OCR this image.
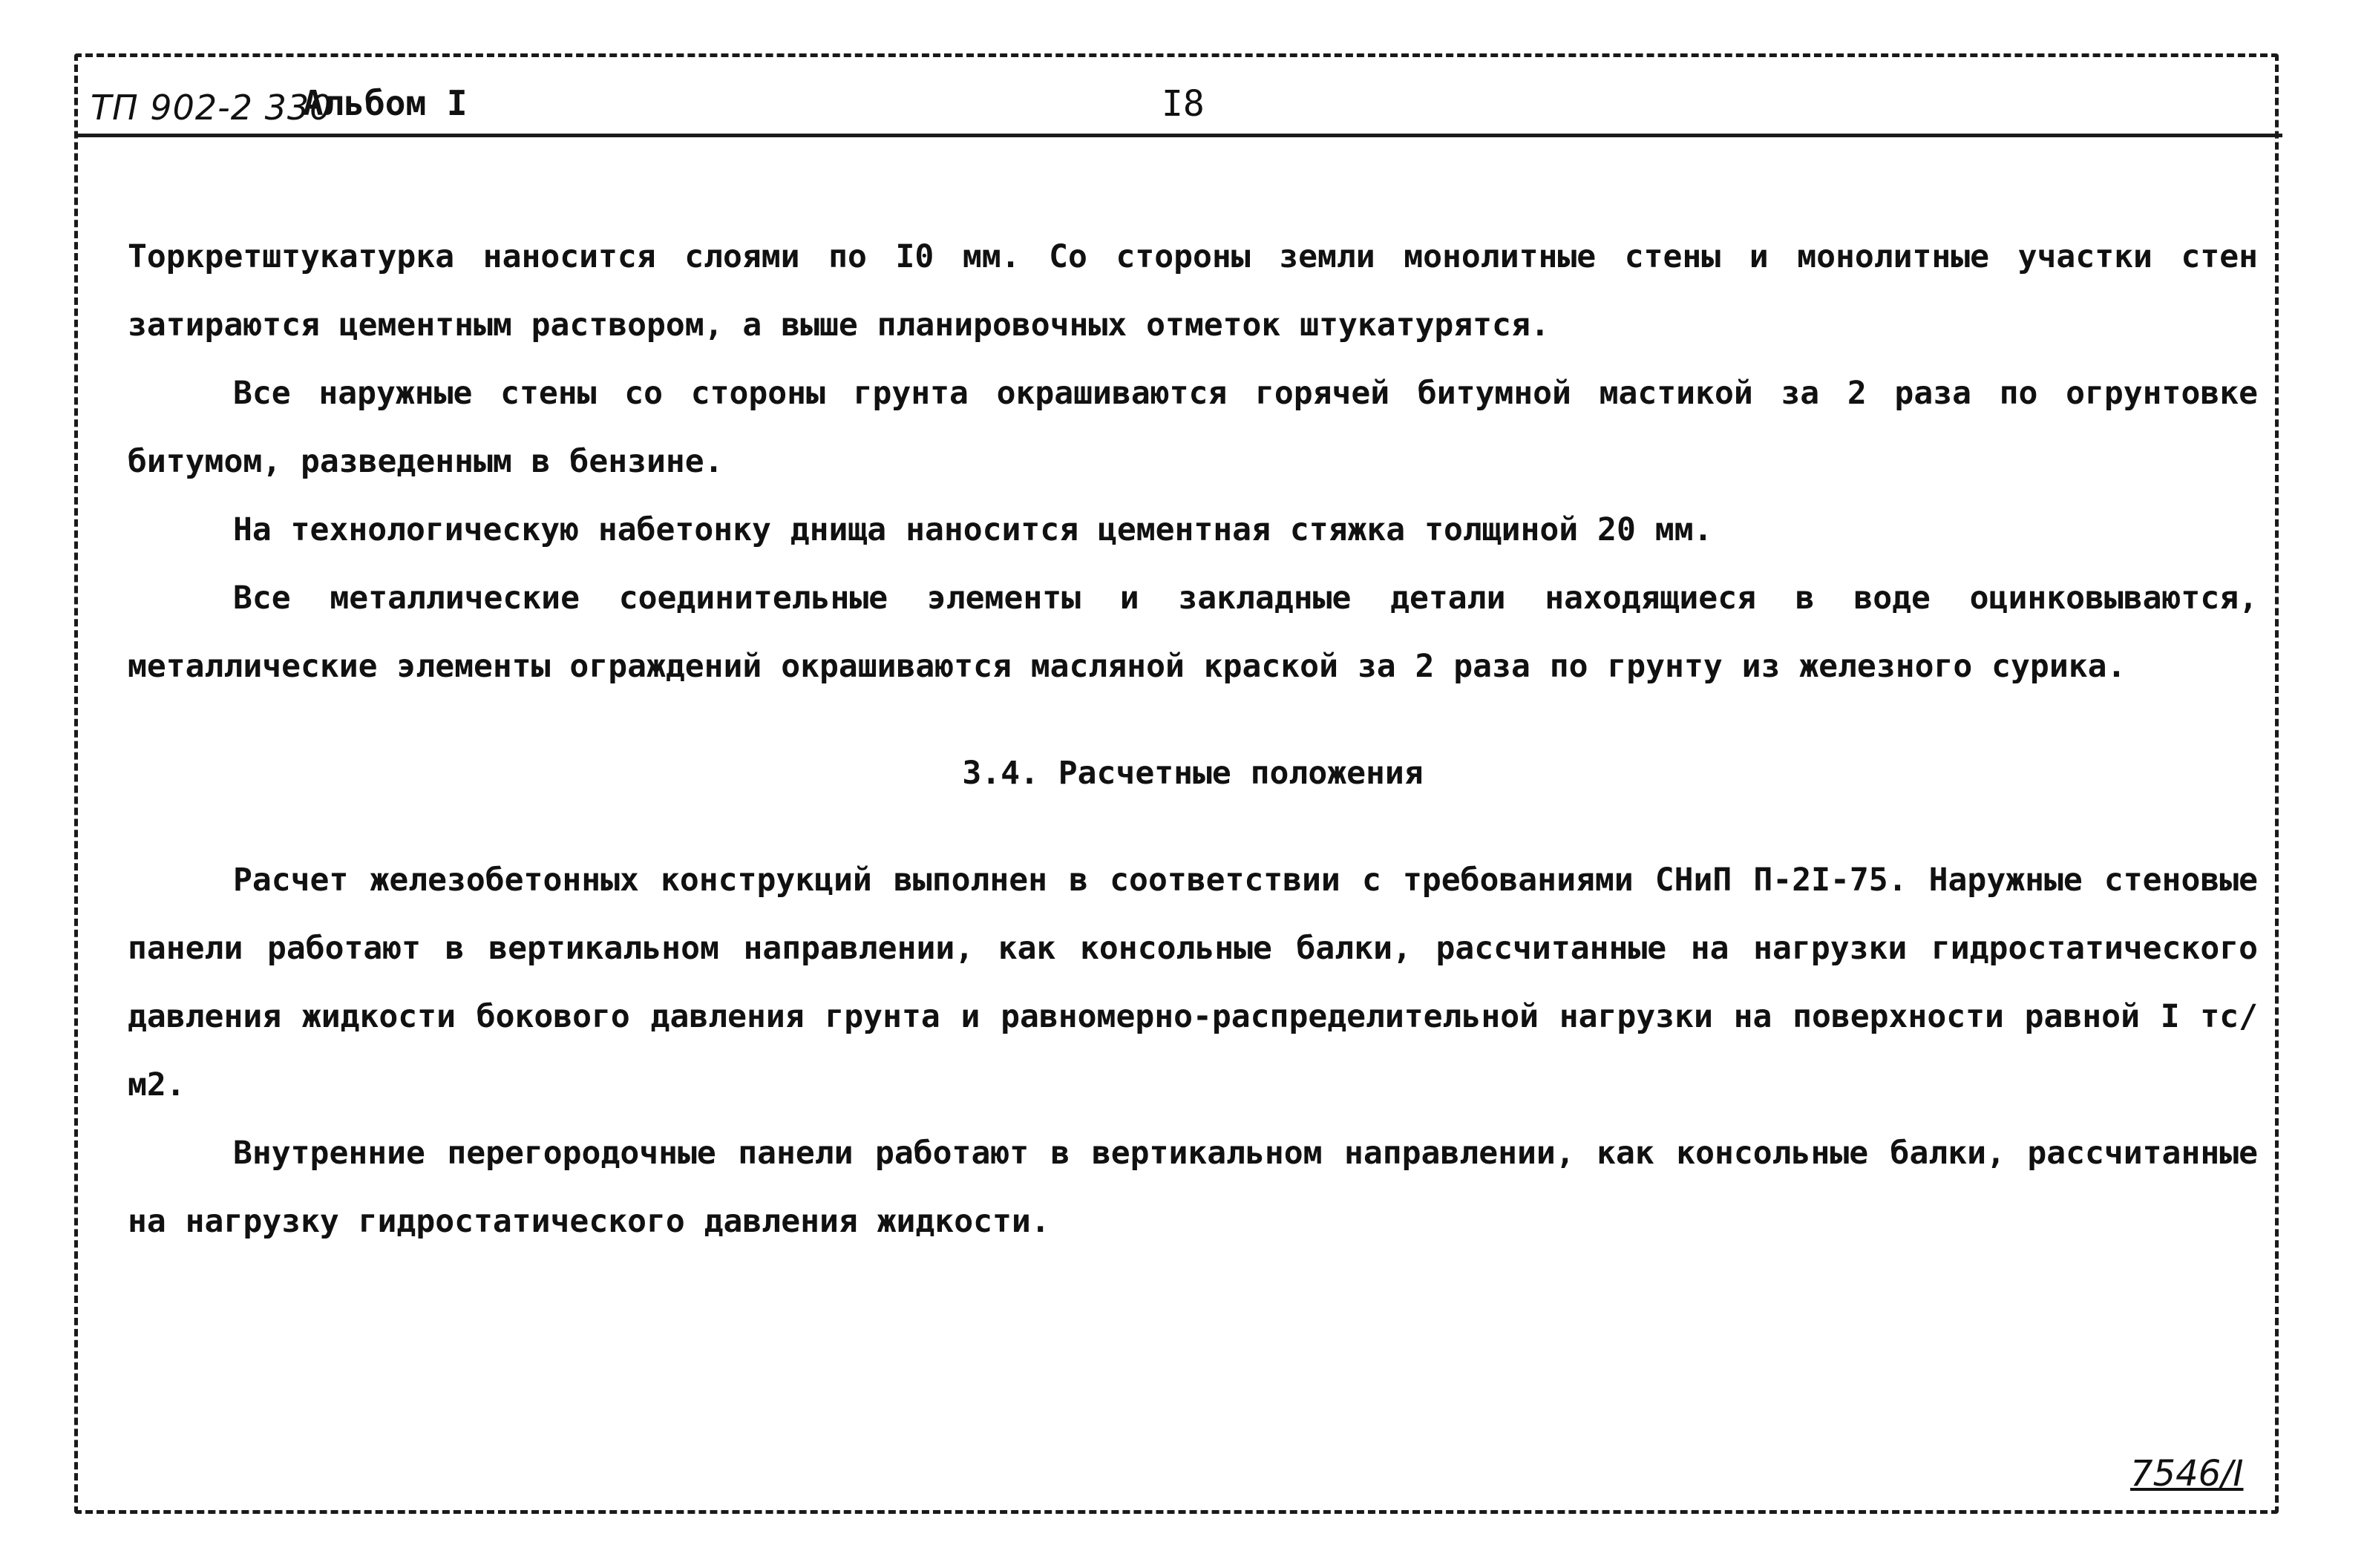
ТП 902-2 330
Альбом I	I8

Торкретштукатурка наносится слоями по I0 мм. Со стороны земли монолитные стены и монолитные участки стен затираются цементным раствором, а выше планировочных отметок штукатурятся.

Все наружные стены со стороны грунта окрашиваются горячей битумной мастикой за 2 раза по огрунтовке битумом, разведенным в бензине.

На технологическую набетонку днища наносится цементная стяжка толщиной 20 мм.

Все металлические соединительные элементы и закладные детали находящиеся в воде оцинковываются, металлические элементы ограждений окрашиваются масляной краской за 2 раза по грунту из железного сурика.

3.4. Расчетные положения

Расчет железобетонных конструкций выполнен в соответствии с требованиями СНиП П-2I-75. Наружные стеновые панели работают в вертикальном направлении, как консольные балки, рассчитанные на нагрузки гидростатического давления жидкости бокового давления грунта и равномерно-распределительной нагрузки на поверхности равной I тс/м2.

Внутренние перегородочные панели работают в вертикальном направлении, как консольные балки, рассчитанные на нагрузку гидростатического давления жидкости.

7546/I
